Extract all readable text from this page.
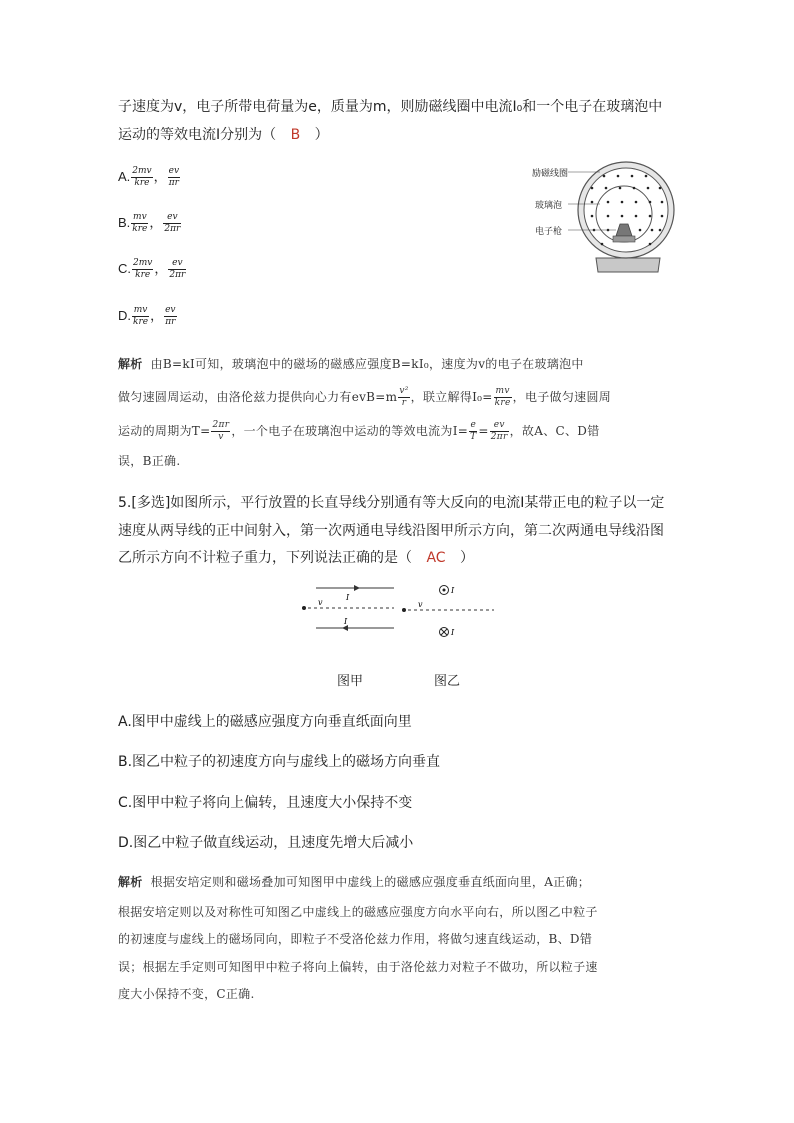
子速度为v，电子所带电荷量为e，质量为m，则励磁线圈中电流I₀和一个电子在玻璃泡中
运动的等效电流I分别为（ B ）
A. $\frac{2mv}{\text{kre}}$ ， $\frac{ev}{\pi r}$
B. $\frac{mv}{\text{kre}}$ ， $\frac{ev}{2\pi r}$
C. $\frac{2mv}{\text{kre}}$ ， $\frac{ev}{2\pi r}$
D. $\frac{mv}{\text{kre}}$ ， $\frac{ev}{\pi r}$
励磁线圈
玻璃泡
电子枪
解析 由B=kI可知，玻璃泡中的磁场的磁感应强度B=kI₀，速度为v的电子在玻璃泡中
做匀速圆周运动，由洛伦兹力提供向心力有$evB=m \frac{\text{v²}}{r}$ ，联立解得$I_0= \frac{mv}{\text{kre}}$ ，电子做匀速圆周
运动的周期为$T= \frac{2\pi r}{v}$ ，一个电子在玻璃泡中运动的等效电流为$I= \frac{e}{T} = \frac{ev}{2\pi r}$ ，故A、C、D错
误，B正确.
5.[多选]如图所示，平行放置的长直导线分别通有等大反向的电流I某带正电的粒子以一定
速度从两导线的正中间射入，第一次两通电导线沿图甲所示方向，第二次两通电导线沿图
乙所示方向不计粒子重力，下列说法正确的是（ AC ）
v
I
I
v
I
I
图甲	图乙
A.图甲中虚线上的磁感应强度方向垂直纸面向里
B.图乙中粒子的初速度方向与虚线上的磁场方向垂直
C.图甲中粒子将向上偏转，且速度大小保持不变
D.图乙中粒子做直线运动，且速度先增大后减小
解析 根据安培定则和磁场叠加可知图甲中虚线上的磁感应强度垂直纸面向里，A正确；
根据安培定则以及对称性可知图乙中虚线上的磁感应强度方向水平向右，所以图乙中粒子
的初速度与虚线上的磁场同向，即粒子不受洛伦兹力作用，将做匀速直线运动，B、D错
误；根据左手定则可知图甲中粒子将向上偏转，由于洛伦兹力对粒子不做功，所以粒子速
度大小保持不变，C正确.
